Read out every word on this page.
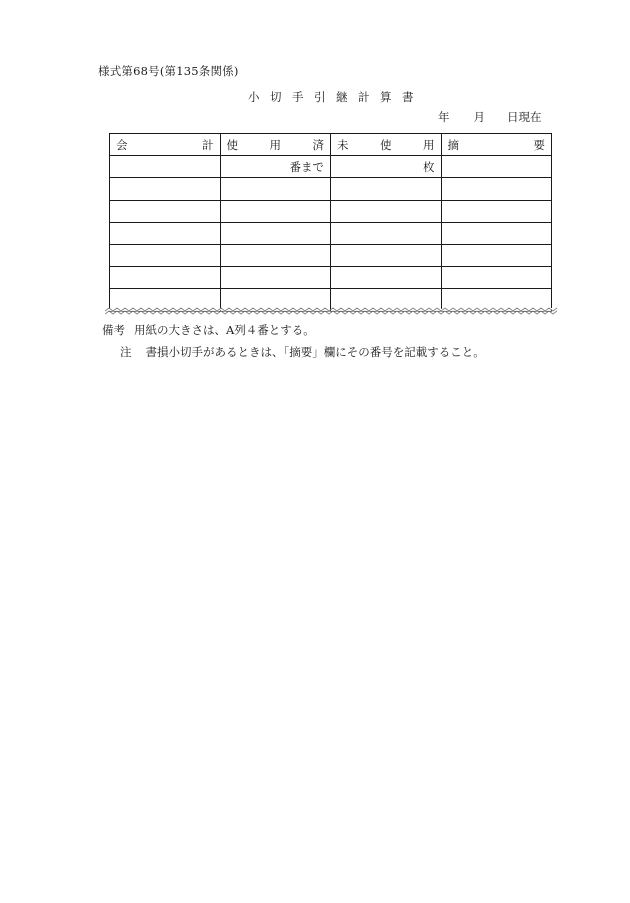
様式第68号(第135条関係)
小切手引継計算書
年 月 日現在
会 計	使 用 済	未 使 用	摘 要

	番まで	枚	

備考 用紙の大きさは、A列４番とする。
注 書損小切手があるときは、「摘要」欄にその番号を記載すること。
